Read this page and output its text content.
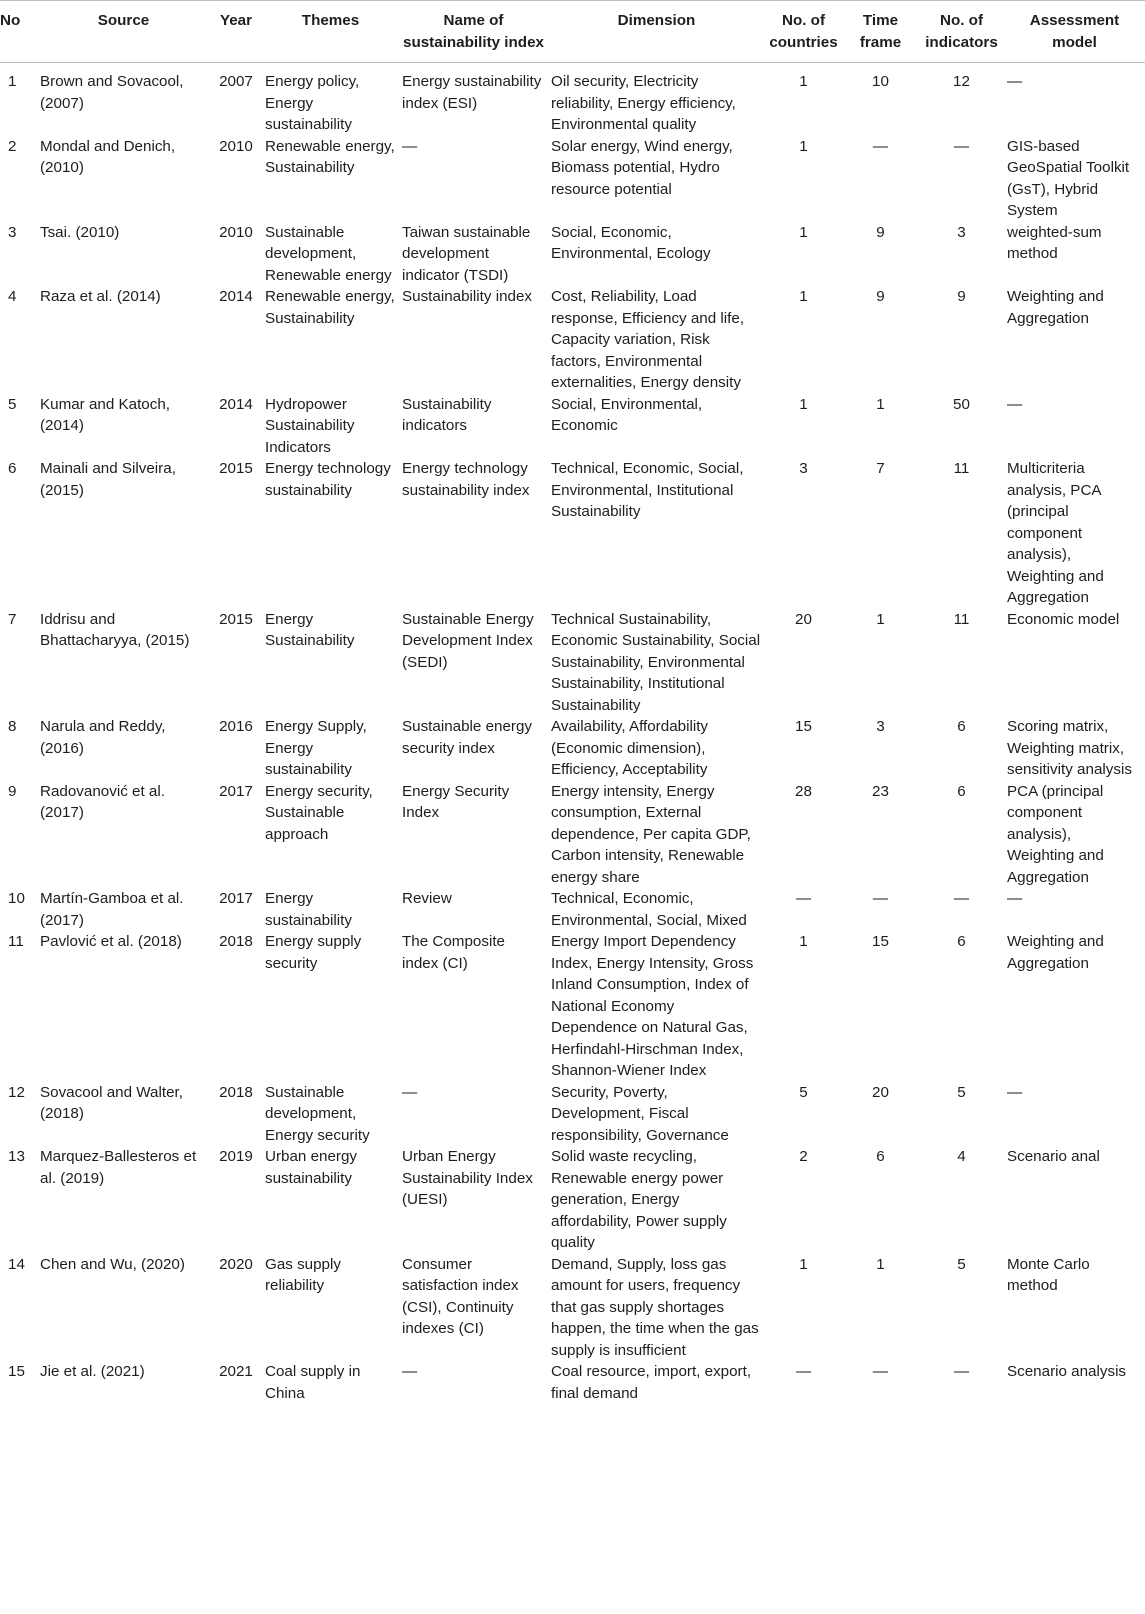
No	Source	Year	Themes	Name of sustainability index	Dimension	No. of countries	Time frame	No. of indicators	Assessment model
1	Brown and Sovacool, (2007)	2007	Energy policy, Energy sustainability	Energy sustainability index (ESI)	Oil security, Electricity reliability, Energy efficiency, Environmental quality	1	10	12	—
2	Mondal and Denich, (2010)	2010	Renewable energy, Sustainability	—	Solar energy, Wind energy, Biomass potential, Hydro resource potential	1	—	—	GIS-based GeoSpatial Toolkit (GsT), Hybrid System
3	Tsai. (2010)	2010	Sustainable development, Renewable energy	Taiwan sustainable development indicator (TSDI)	Social, Economic, Environmental, Ecology	1	9	3	weighted-sum method
4	Raza et al. (2014)	2014	Renewable energy, Sustainability	Sustainability index	Cost, Reliability, Load response, Efficiency and life, Capacity variation, Risk factors, Environmental externalities, Energy density	1	9	9	Weighting and Aggregation
5	Kumar and Katoch, (2014)	2014	Hydropower Sustainability Indicators	Sustainability indicators	Social, Environmental, Economic	1	1	50	—
6	Mainali and Silveira, (2015)	2015	Energy technology sustainability	Energy technology sustainability index	Technical, Economic, Social, Environmental, Institutional Sustainability	3	7	11	Multicriteria analysis, PCA (principal component analysis), Weighting and Aggregation
7	Iddrisu and Bhattacharyya, (2015)	2015	Energy Sustainability	Sustainable Energy Development Index (SEDI)	Technical Sustainability, Economic Sustainability, Social Sustainability, Environmental Sustainability, Institutional Sustainability	20	1	11	Economic model
8	Narula and Reddy, (2016)	2016	Energy Supply, Energy sustainability	Sustainable energy security index	Availability, Affordability (Economic dimension), Efficiency, Acceptability	15	3	6	Scoring matrix, Weighting matrix, sensitivity analysis
9	Radovanović et al. (2017)	2017	Energy security, Sustainable approach	Energy Security Index	Energy intensity, Energy consumption, External dependence, Per capita GDP, Carbon intensity, Renewable energy share	28	23	6	PCA (principal component analysis), Weighting and Aggregation
10	Martín-Gamboa et al. (2017)	2017	Energy sustainability	Review	Technical, Economic, Environmental, Social, Mixed	—	—	—	—
11	Pavlović et al. (2018)	2018	Energy supply security	The Composite index (CI)	Energy Import Dependency Index, Energy Intensity, Gross Inland Consumption, Index of National Economy Dependence on Natural Gas, Herfindahl-Hirschman Index, Shannon-Wiener Index	1	15	6	Weighting and Aggregation
12	Sovacool and Walter, (2018)	2018	Sustainable development, Energy security	—	Security, Poverty, Development, Fiscal responsibility, Governance	5	20	5	—
13	Marquez-Ballesteros et al. (2019)	2019	Urban energy sustainability	Urban Energy Sustainability Index (UESI)	Solid waste recycling, Renewable energy power generation, Energy affordability, Power supply quality	2	6	4	Scenario anal
14	Chen and Wu, (2020)	2020	Gas supply reliability	Consumer satisfaction index (CSI), Continuity indexes (CI)	Demand, Supply, loss gas amount for users, frequency that gas supply shortages happen, the time when the gas supply is insufficient	1	1	5	Monte Carlo method
15	Jie et al. (2021)	2021	Coal supply in China	—	Coal resource, import, export, final demand	—	—	—	Scenario analysis
